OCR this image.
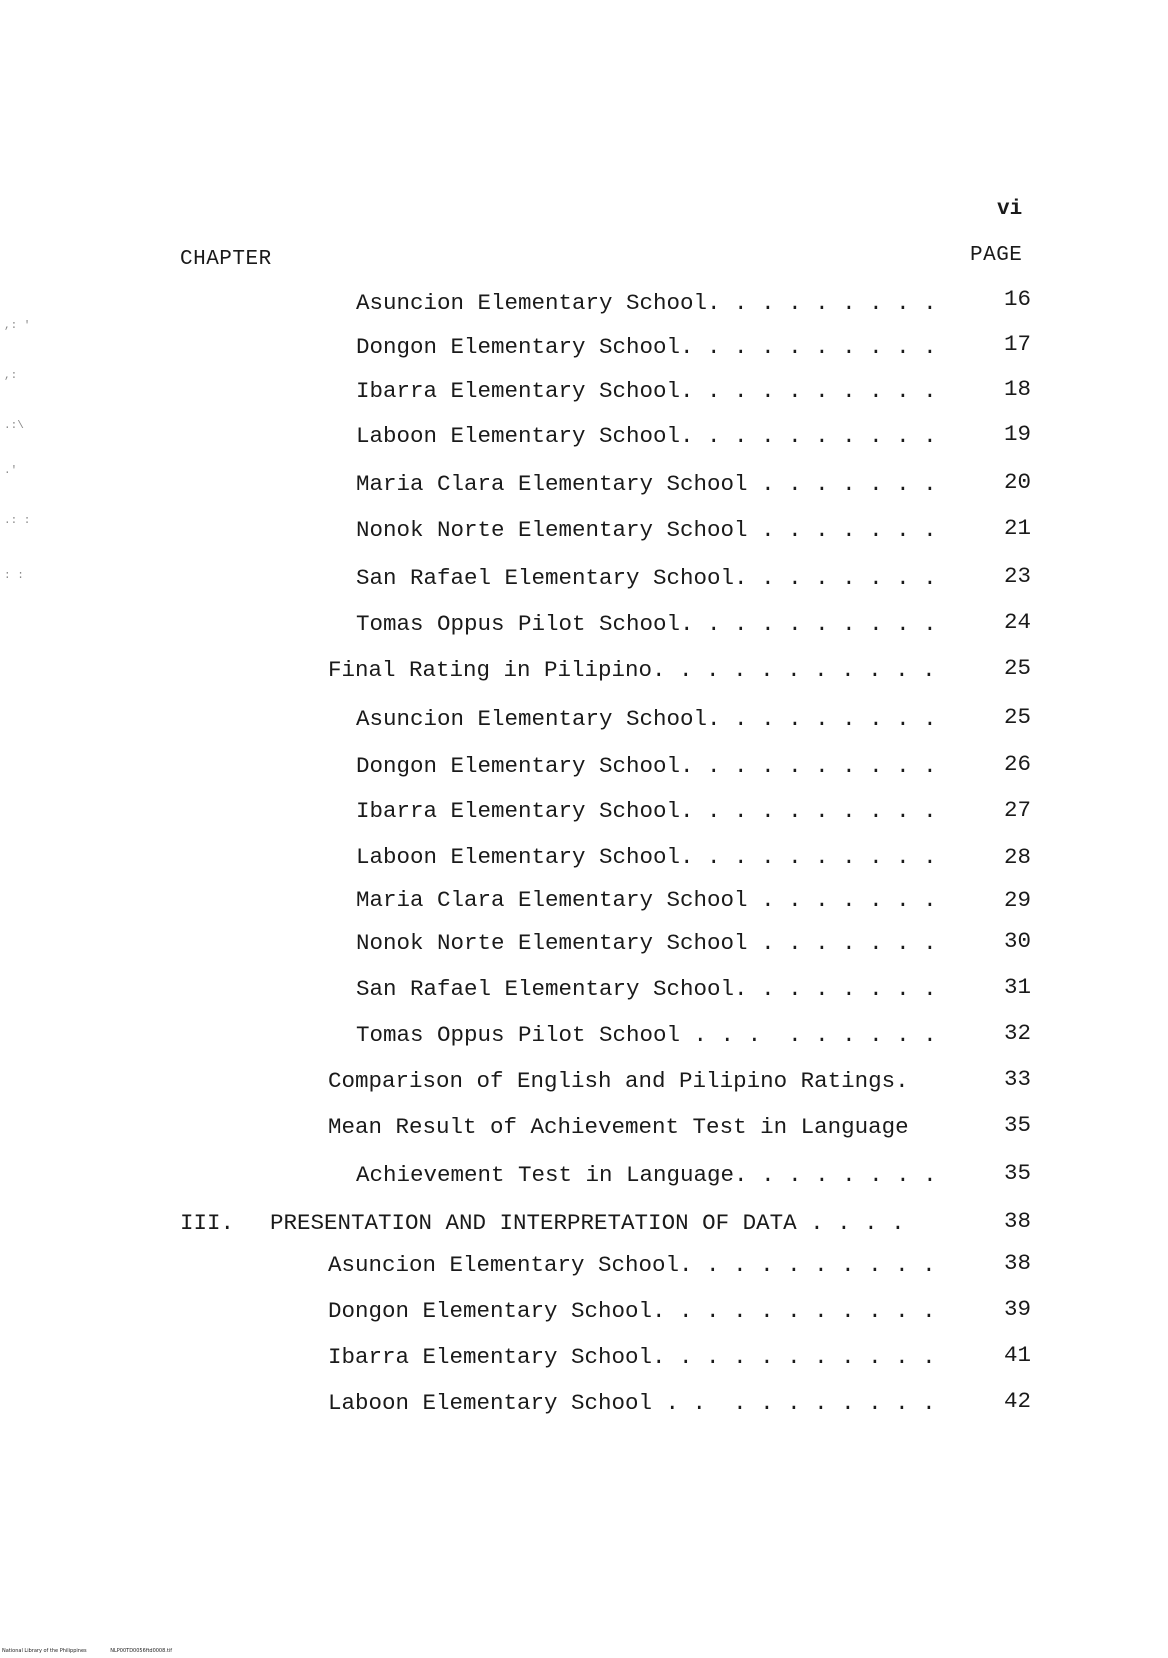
vi
CHAPTER	PAGE
Asuncion Elementary School. . . . . . . . .	16
Dongon Elementary School. . . . . . . . . .	17
Ibarra Elementary School. . . . . . . . . .	18
Laboon Elementary School. . . . . . . . . .	19
Maria Clara Elementary School . . . . . . .	20
Nonok Norte Elementary School . . . . . . .	21
San Rafael Elementary School. . . . . . . .	23
Tomas Oppus Pilot School. . . . . . . . . .	24
Final Rating in Pilipino. . . . . . . . . . .	25
Asuncion Elementary School. . . . . . . . .	25
Dongon Elementary School. . . . . . . . . .	26
Ibarra Elementary School. . . . . . . . . .	27
Laboon Elementary School. . . . . . . . . .	28
Maria Clara Elementary School . . . . . . .	29
Nonok Norte Elementary School . . . . . . .	30
San Rafael Elementary School. . . . . . . .	31
Tomas Oppus Pilot School . . .  . . . . . .	32
Comparison of English and Pilipino Ratings.	33
Mean Result of Achievement Test in Language	35
Achievement Test in Language. . . . . . . .	35
III. PRESENTATION AND INTERPRETATION OF DATA . . . .	38
Asuncion Elementary School. . . . . . . . . .	38
Dongon Elementary School. . . . . . . . . . .	39
Ibarra Elementary School. . . . . . . . . . .	41
Laboon Elementary School . .  . . . . . . . .	42
,: '
,:
.:\
.'
.: :
: :
National Library of the Philippines	NLP00TD0056ftd0008.tif
